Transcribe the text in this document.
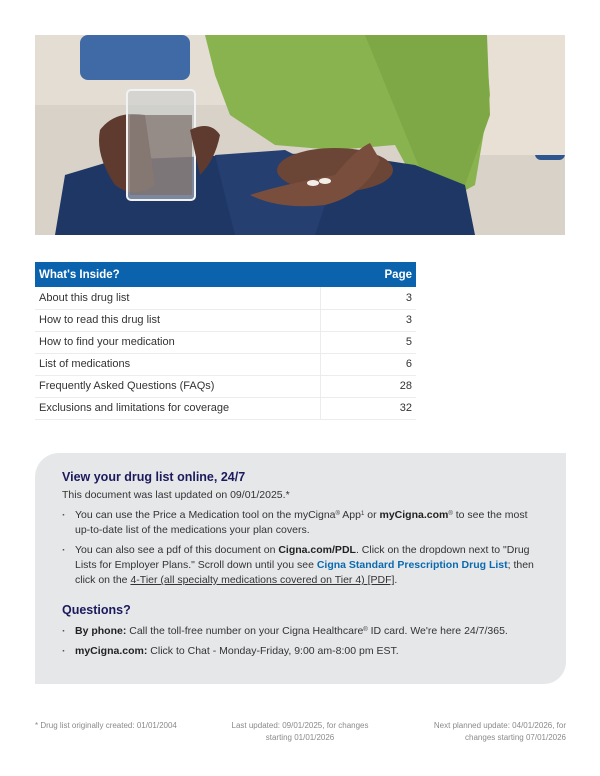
What's Inside?	Page
About this drug list	3
How to read this drug list	3
How to find your medication	5
List of medications	6
Frequently Asked Questions (FAQs)	28
Exclusions and limitations for coverage	32
View your drug list online, 24/7

This document was last updated on 09/01/2025.*

· You can use the Price a Medication tool on the myCigna® App$^1$ or myCigna.com® to see the most up-to-date list of the medications your plan covers.
· You can also see a pdf of this document on Cigna.com/PDL. Click on the dropdown next to "Drug Lists for Employer Plans." Scroll down until you see Cigna Standard Prescription Drug List; then click on the 4-Tier (all specialty medications covered on Tier 4) [PDF].
Questions?
· By phone: Call the toll-free number on your Cigna Healthcare® ID card. We're here 24/7/365.
· myCigna.com: Click to Chat - Monday-Friday, 9:00 am-8:00 pm EST.
* Drug list originally created: 01/01/2004	Last updated: 09/01/2025, for changes
starting 01/01/2026
Next planned update: 04/01/2026, for
changes starting 07/01/2026
